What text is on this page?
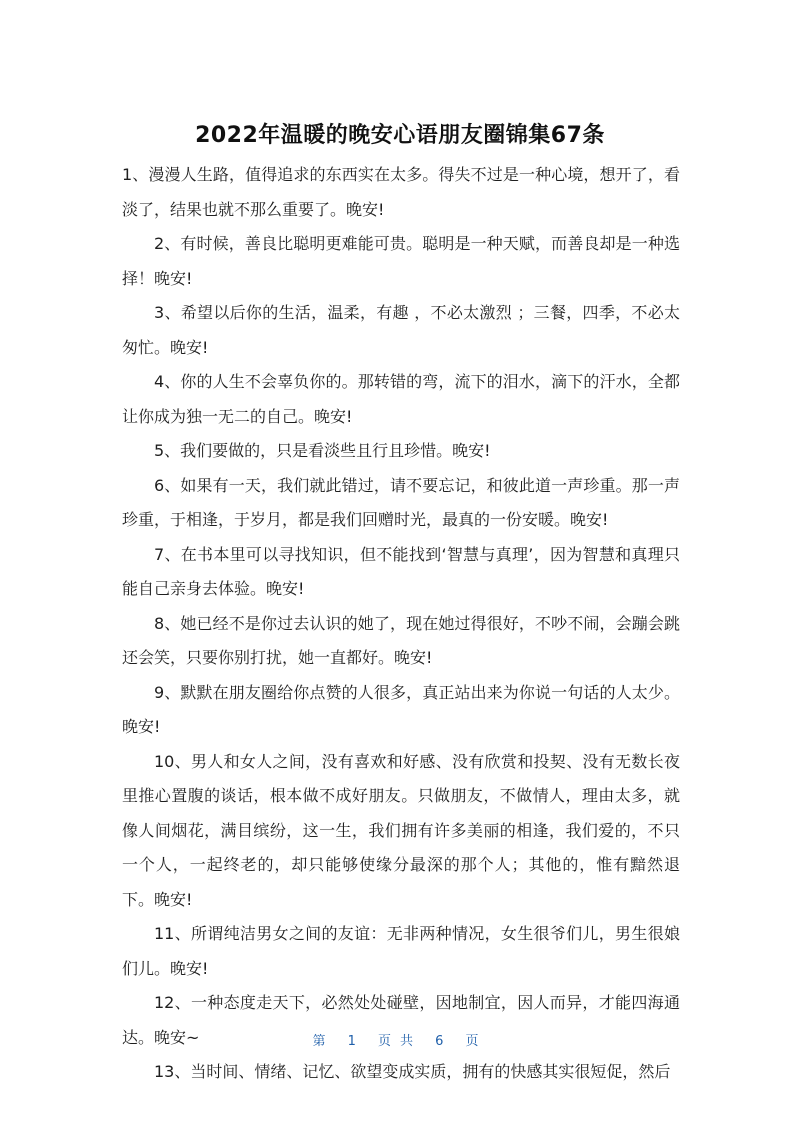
2022年温暖的晚安心语朋友圈锦集67条

1、漫漫人生路，值得追求的东西实在太多。得失不过是一种心境，想开了，看淡了，结果也就不那么重要了。晚安!

2、有时候，善良比聪明更难能可贵。聪明是一种天赋，而善良却是一种选择！晚安!

3、希望以后你的生活，温柔，有趣 ，不必太激烈 ；三餐，四季，不必太匆忙。晚安!

4、你的人生不会辜负你的。那转错的弯，流下的泪水，滴下的汗水，全都让你成为独一无二的自己。晚安!

5、我们要做的，只是看淡些且行且珍惜。晚安!

6、如果有一天，我们就此错过，请不要忘记，和彼此道一声珍重。那一声珍重，于相逢，于岁月，都是我们回赠时光，最真的一份安暖。晚安!

7、在书本里可以寻找知识，但不能找到‘智慧与真理’，因为智慧和真理只能自己亲身去体验。晚安!

8、她已经不是你过去认识的她了，现在她过得很好，不吵不闹，会蹦会跳还会笑，只要你别打扰，她一直都好。晚安!

9、默默在朋友圈给你点赞的人很多，真正站出来为你说一句话的人太少。晚安!

10、男人和女人之间，没有喜欢和好感、没有欣赏和投契、没有无数长夜里推心置腹的谈话，根本做不成好朋友。只做朋友，不做情人，理由太多，就像人间烟花，满目缤纷，这一生，我们拥有许多美丽的相逢，我们爱的，不只一个人，一起终老的，却只能够使缘分最深的那个人；其他的，惟有黯然退下。晚安!

11、所谓纯洁男女之间的友谊：无非两种情况，女生很爷们儿，男生很娘们儿。晚安!

12、一种态度走天下，必然处处碰壁，因地制宜，因人而异，才能四海通达。晚安~

13、当时间、情绪、记忆、欲望变成实质，拥有的快感其实很短促，然后

第 1 页共 6 页
